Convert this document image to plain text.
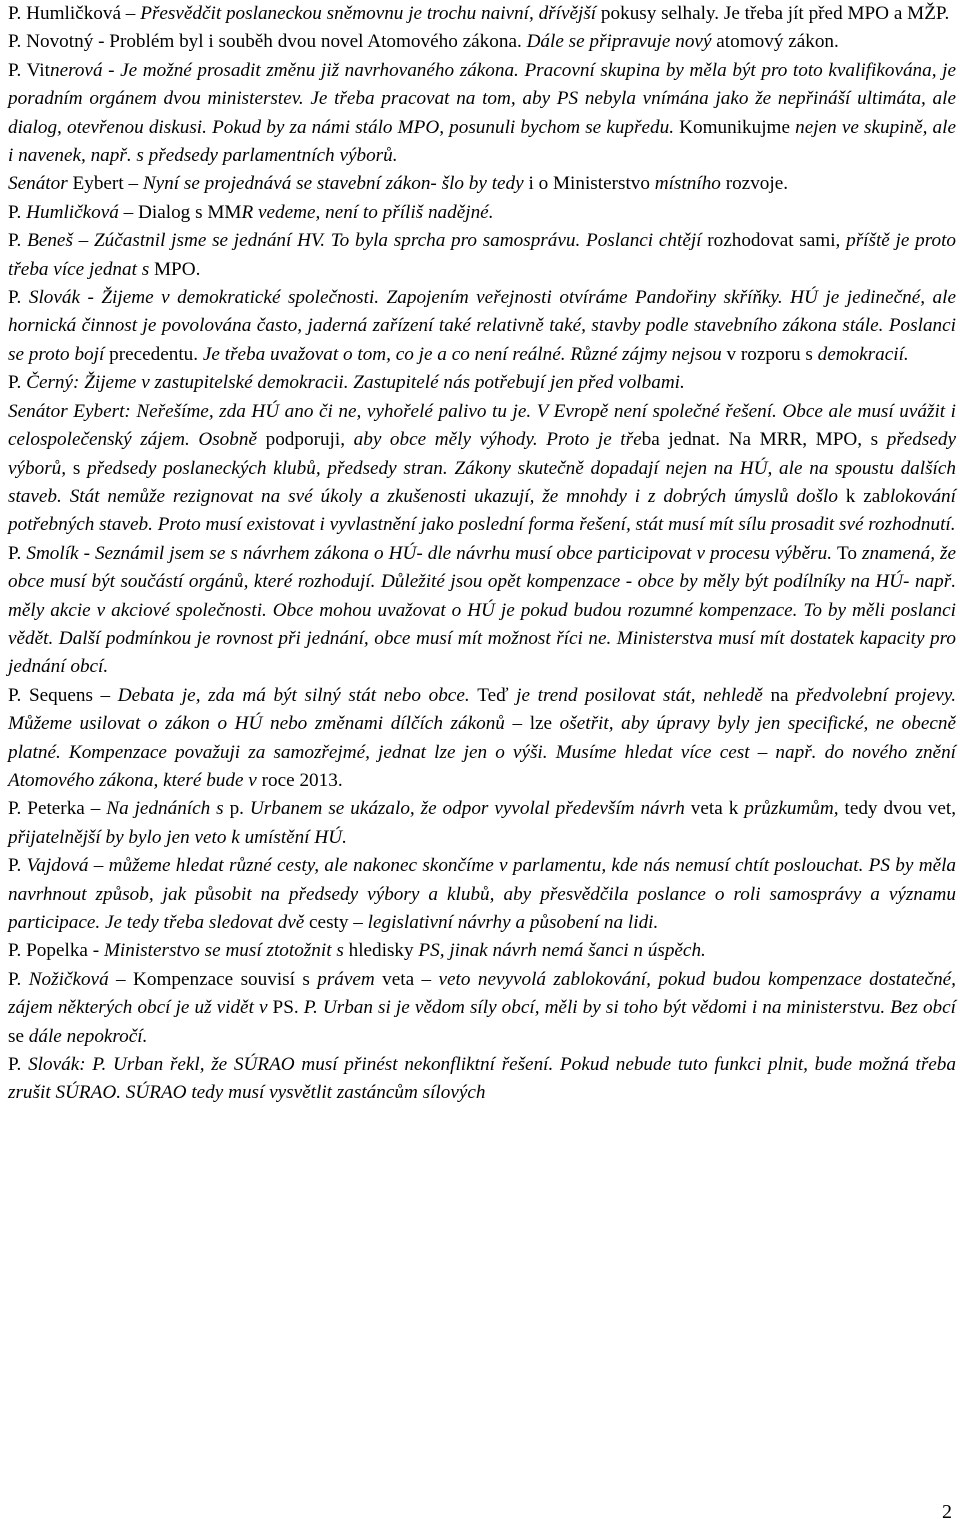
P. Humličková – Přesvědčit poslaneckou sněmovnu je trochu naivní, dřívější pokusy selhaly. Je třeba jít před MPO a MŽP.

P. Novotný - Problém byl i souběh dvou novel Atomového zákona. Dále se připravuje nový atomový zákon.

P. Vitnerová - Je možné prosadit změnu již navrhovaného zákona. Pracovní skupina by měla být pro toto kvalifikována, je poradním orgánem dvou ministerstev. Je třeba pracovat na tom, aby PS nebyla vnímána jako že nepřináší ultimáta, ale dialog, otevřenou diskusi. Pokud by za námi stálo MPO, posunuli bychom se kupředu. Komunikujme nejen ve skupině, ale i navenek, např. s předsedy parlamentních výborů.

Senátor Eybert – Nyní se projednává se stavební zákon- šlo by tedy i o Ministerstvo místního rozvoje.

P. Humličková – Dialog s MMR vedeme, není to příliš nadějné.

P. Beneš – Zúčastnil jsme se jednání HV. To byla sprcha pro samosprávu. Poslanci chtějí rozhodovat sami, příště je proto třeba více jednat s MPO.

P. Slovák - Žijeme v demokratické společnosti. Zapojením veřejnosti otvíráme Pandořiny skříňky. HÚ je jedinečné, ale hornická činnost je povolována často, jaderná zařízení také relativně také, stavby podle stavebního zákona stále. Poslanci se proto bojí precedentu. Je třeba uvažovat o tom, co je a co není reálné. Různé zájmy nejsou v rozporu s demokracií.

P. Černý: Žijeme v zastupitelské demokracii. Zastupitelé nás potřebují jen před volbami.

Senátor Eybert: Neřešíme, zda HÚ ano či ne, vyhořelé palivo tu je. V Evropě není společné řešení. Obce ale musí uvážit i celospolečenský zájem. Osobně podporuji, aby obce měly výhody. Proto je třeba jednat. Na MRR, MPO, s předsedy výborů, s předsedy poslaneckých klubů, předsedy stran. Zákony skutečně dopadají nejen na HÚ, ale na spoustu dalších staveb. Stát nemůže rezignovat na své úkoly a zkušenosti ukazují, že mnohdy i z dobrých úmyslů došlo k zablokování potřebných staveb. Proto musí existovat i vyvlastnění jako poslední forma řešení, stát musí mít sílu prosadit své rozhodnutí.

P. Smolík - Seznámil jsem se s návrhem zákona o HÚ- dle návrhu musí obce participovat v procesu výběru. To znamená, že obce musí být součástí orgánů, které rozhodují. Důležité jsou opět kompenzace - obce by měly být podílníky na HÚ- např. měly akcie v akciové společnosti. Obce mohou uvažovat o HÚ je pokud budou rozumné kompenzace. To by měli poslanci vědět. Další podmínkou je rovnost při jednání, obce musí mít možnost říci ne. Ministerstva musí mít dostatek kapacity pro jednání obcí.

P. Sequens – Debata je, zda má být silný stát nebo obce. Teď je trend posilovat stát, nehledě na předvolební projevy. Můžeme usilovat o zákon o HÚ nebo změnami dílčích zákonů – lze ošetřit, aby úpravy byly jen specifické, ne obecně platné. Kompenzace považuji za samozřejmé, jednat lze jen o výši. Musíme hledat více cest – např. do nového znění Atomového zákona, které bude v roce 2013.

P. Peterka – Na jednáních s p. Urbanem se ukázalo, že odpor vyvolal především návrh veta k průzkumům, tedy dvou vet, přijatelnější by bylo jen veto k umístění HÚ.

P. Vajdová – můžeme hledat různé cesty, ale nakonec skončíme v parlamentu, kde nás nemusí chtít poslouchat. PS by měla navrhnout způsob, jak působit na předsedy výbory a klubů, aby přesvědčila poslance o roli samosprávy a významu participace. Je tedy třeba sledovat dvě cesty – legislativní návrhy a působení na lidi.

P. Popelka - Ministerstvo se musí ztotožnit s hledisky PS, jinak návrh nemá šanci n úspěch.

P. Nožičková – Kompenzace souvisí s právem veta – veto nevyvolá zablokování, pokud budou kompenzace dostatečné, zájem některých obcí je už vidět v PS. P. Urban si je vědom síly obcí, měli by si toho být vědomi i na ministerstvu. Bez obcí se dále nepokročí.

P. Slovák: P. Urban řekl, že SÚRAO musí přinést nekonfliktní řešení. Pokud nebude tuto funkci plnit, bude možná třeba zrušit SÚRAO. SÚRAO tedy musí vysvětlit zastáncům sílových

2
